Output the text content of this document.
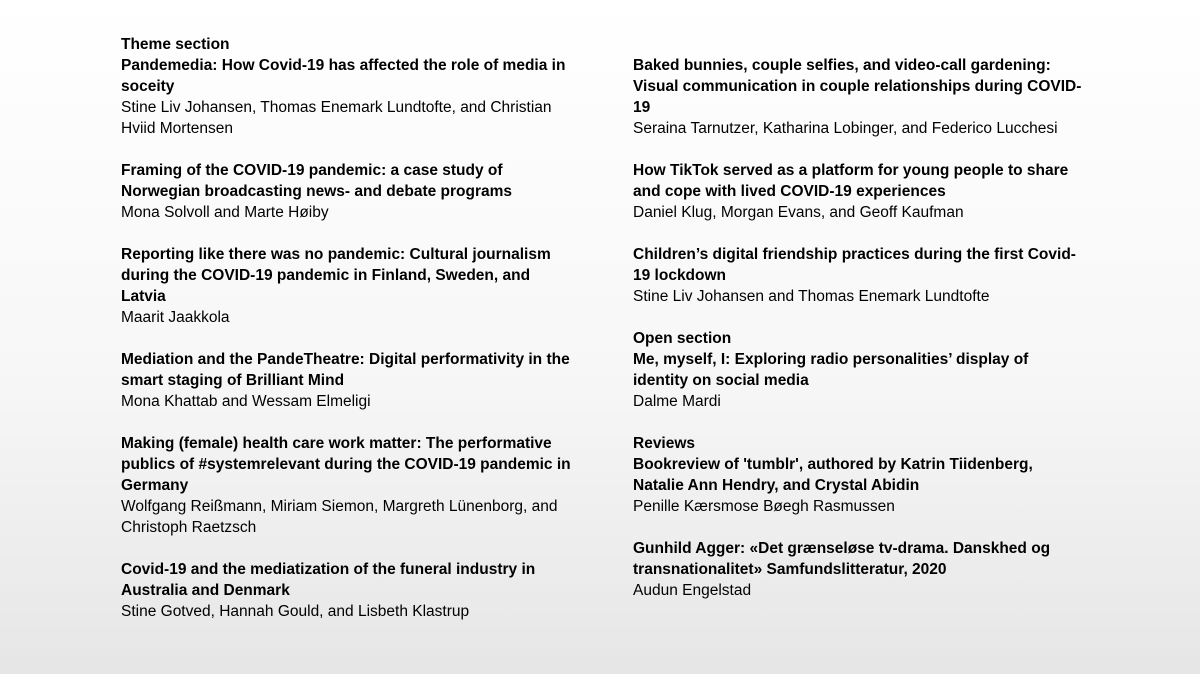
Theme section
Pandemedia: How Covid-19 has affected the role of media in soceity
Stine Liv Johansen, Thomas Enemark Lundtofte, and Christian Hviid Mortensen
Framing of the COVID-19 pandemic: a case study of Norwegian broadcasting news- and debate programs
Mona Solvoll and Marte Høiby
Reporting like there was no pandemic: Cultural journalism during the COVID-19 pandemic in Finland, Sweden, and Latvia
Maarit Jaakkola
Mediation and the PandeTheatre: Digital performativity in the smart staging of Brilliant Mind
Mona Khattab and Wessam Elmeligi
Making (female) health care work matter: The performative publics of #systemrelevant during the COVID-19 pandemic in Germany
Wolfgang Reißmann, Miriam Siemon, Margreth Lünenborg, and Christoph Raetzsch
Covid-19 and the mediatization of the funeral industry in Australia and Denmark
Stine Gotved, Hannah Gould, and Lisbeth Klastrup
Baked bunnies, couple selfies, and video-call gardening: Visual communication in couple relationships during COVID-19
Seraina Tarnutzer, Katharina Lobinger, and Federico Lucchesi
How TikTok served as a platform for young people to share and cope with lived COVID-19 experiences
Daniel Klug, Morgan Evans, and Geoff Kaufman
Children’s digital friendship practices during the first Covid-19 lockdown
Stine Liv Johansen and Thomas Enemark Lundtofte
Open section
Me, myself, I: Exploring radio personalities’ display of identity on social media
Dalme Mardi
Reviews
Bookreview of 'tumblr', authored by Katrin Tiidenberg, Natalie Ann Hendry, and Crystal Abidin
Penille Kærsmose Bøegh Rasmussen
Gunhild Agger: «Det grænseløse tv-drama. Danskhed og transnationalitet» Samfundslitteratur, 2020
Audun Engelstad
